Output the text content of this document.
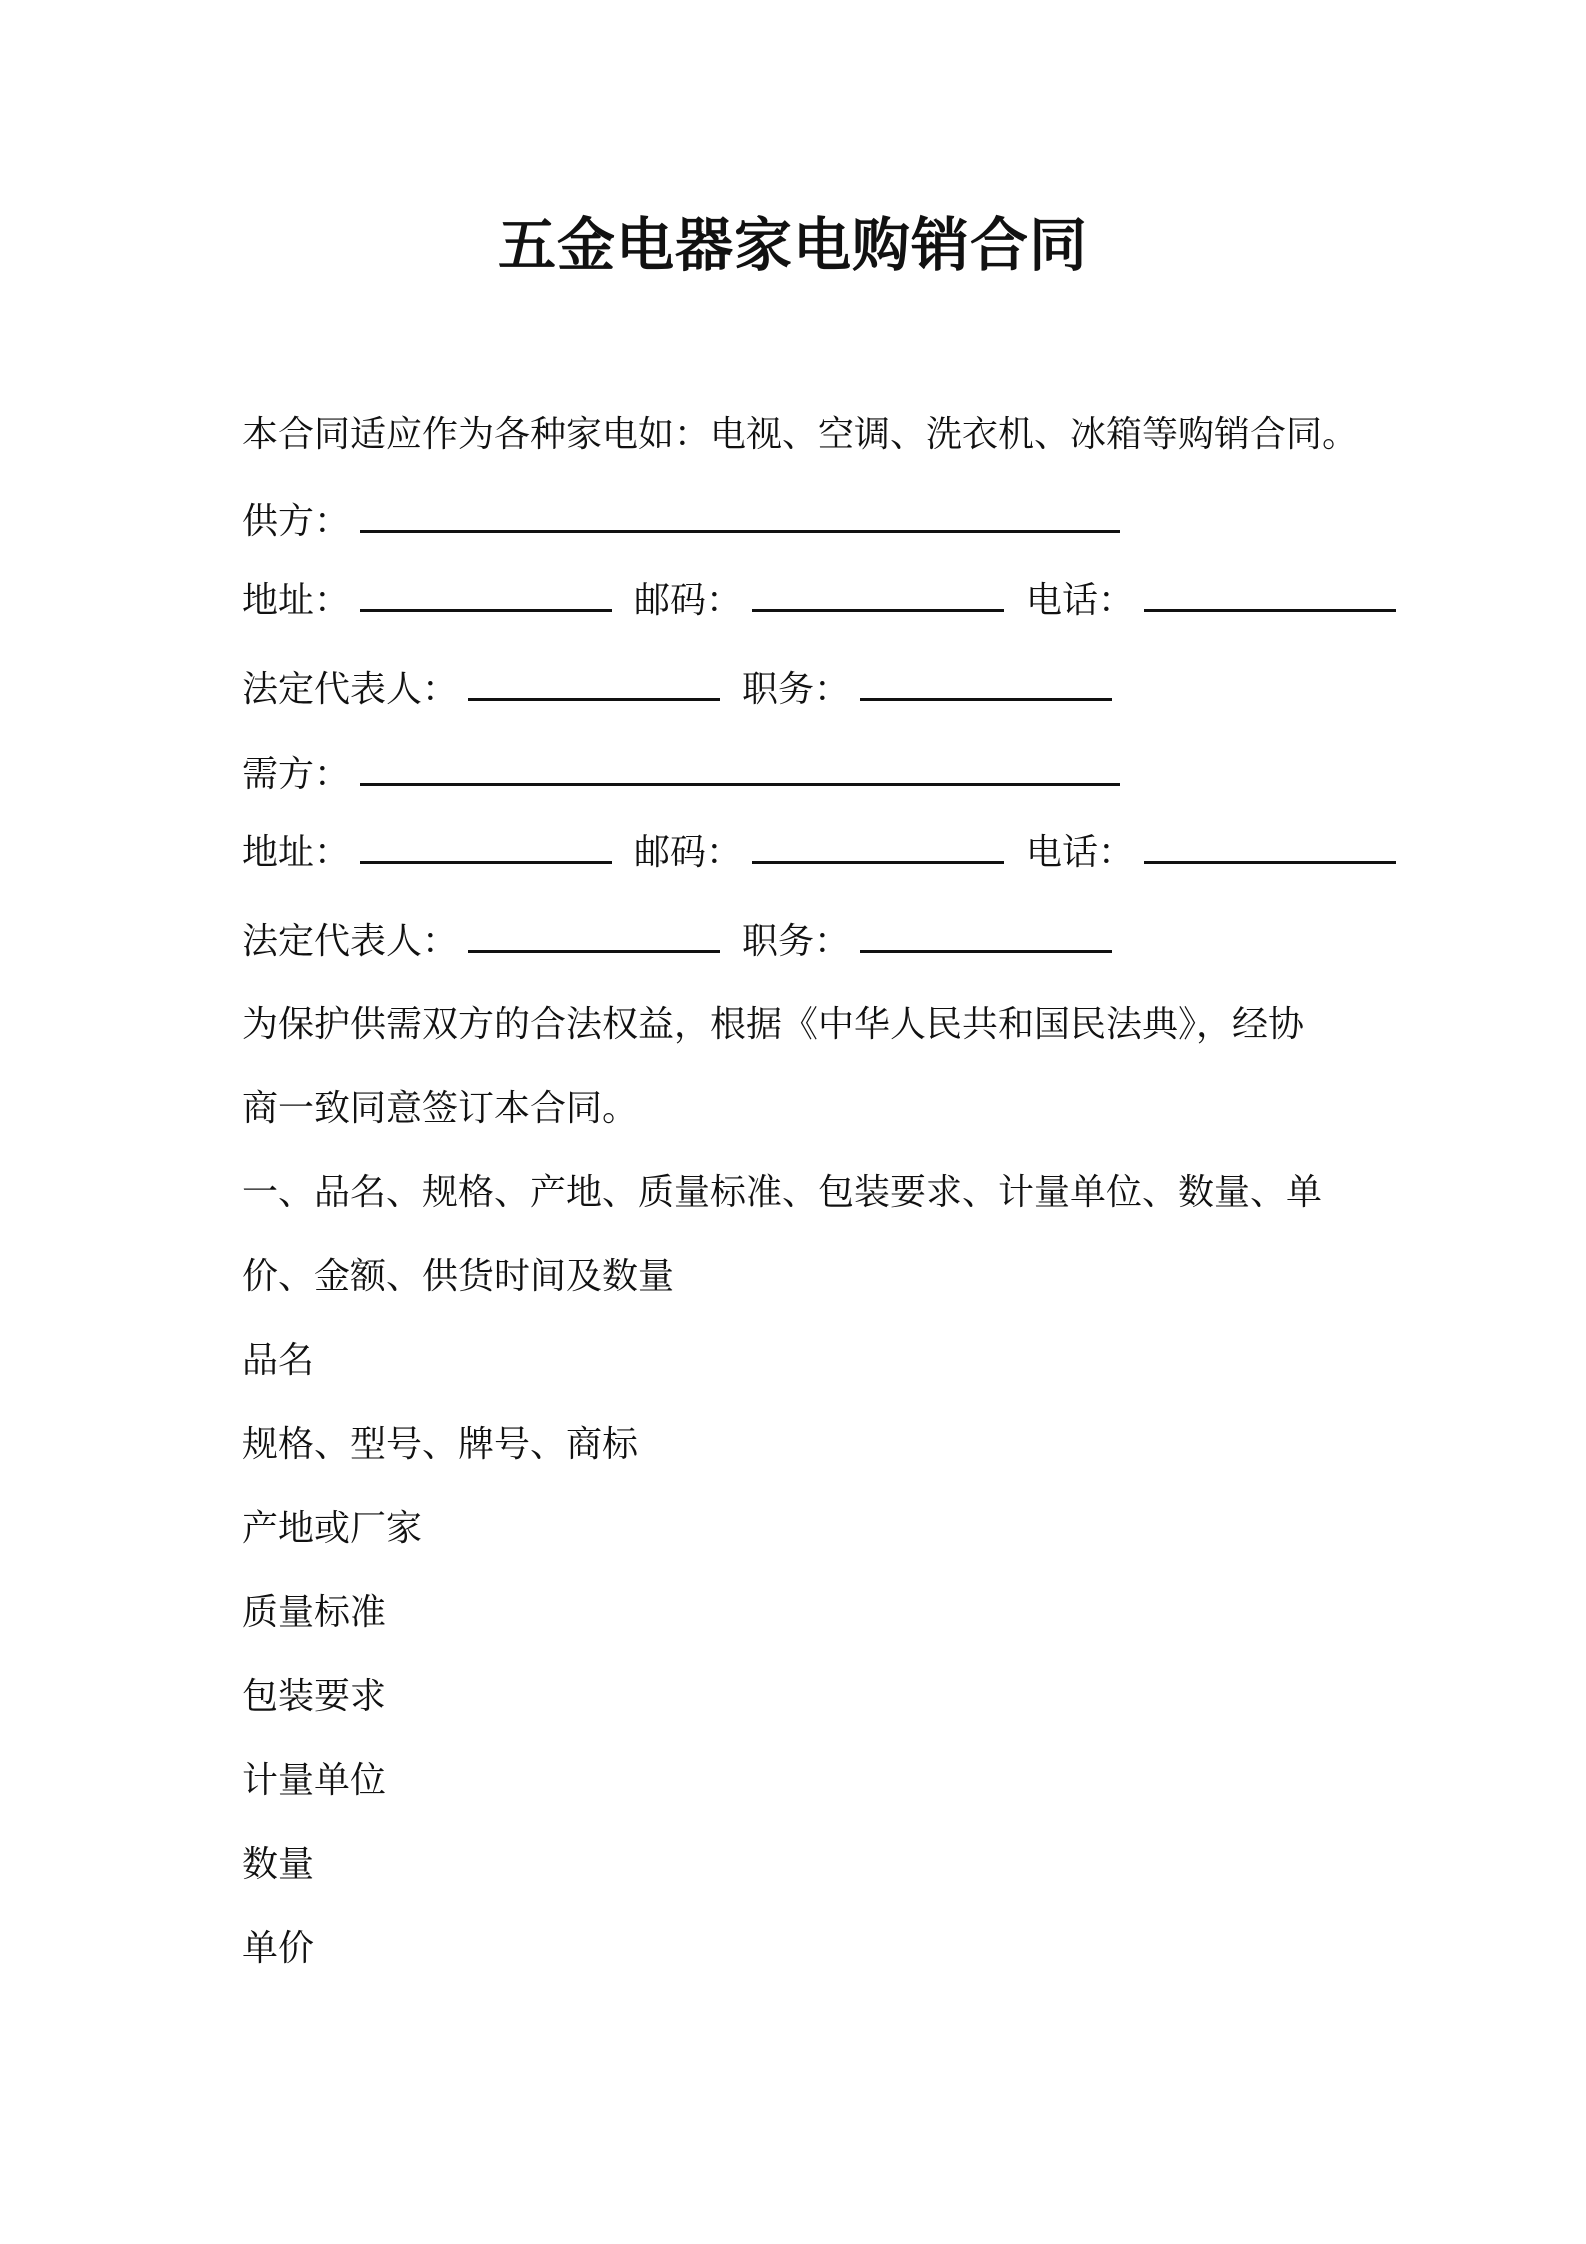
五金电器家电购销合同
本合同适应作为各种家电如：电视、空调、洗衣机、冰箱等购销合同。
供方：
地址：	邮码：	电话：
法定代表人：	职务：
需方：
地址：	邮码：	电话：
法定代表人：	职务：
为保护供需双方的合法权益，根据《中华人民共和国民法典》，经协
商一致同意签订本合同。
一、品名、规格、产地、质量标准、包装要求、计量单位、数量、单
价、金额、供货时间及数量
品名
规格、型号、牌号、商标
产地或厂家
质量标准
包装要求
计量单位
数量
单价
